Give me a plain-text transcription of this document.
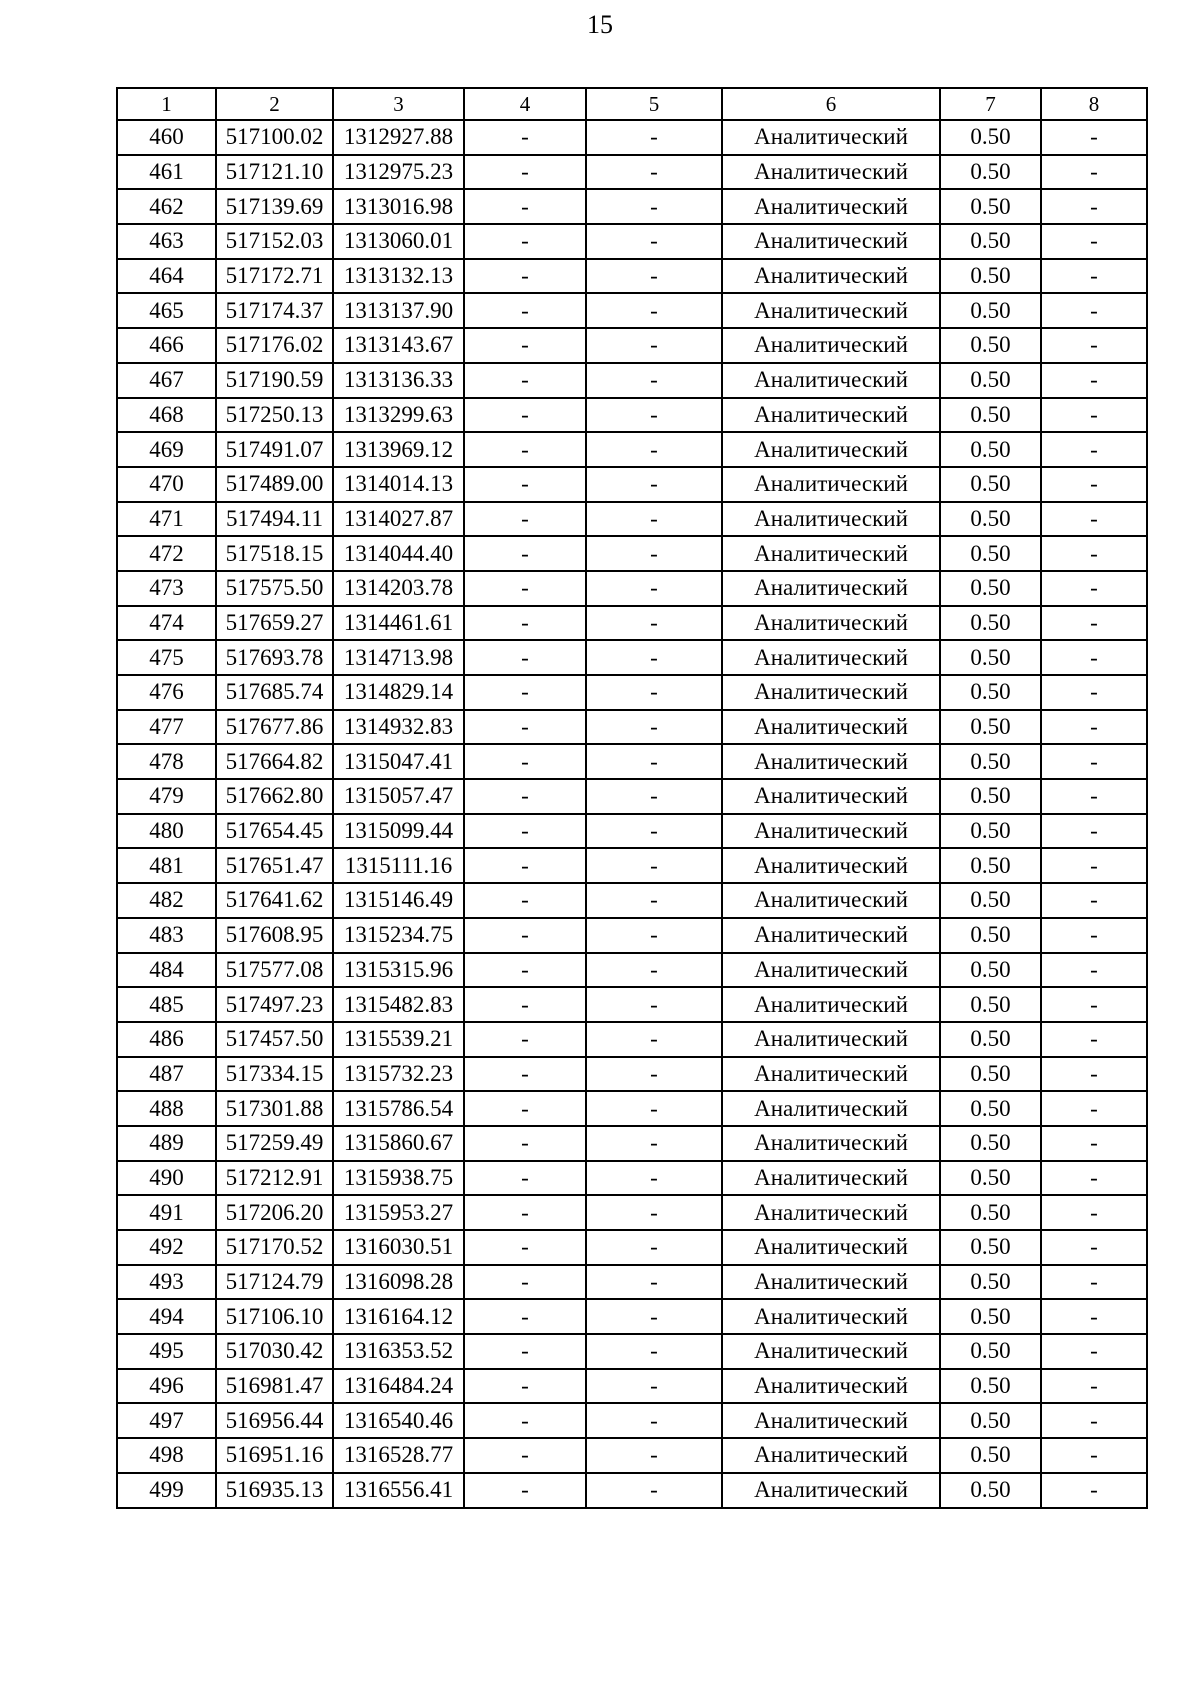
15
1	2	3	4	5	6	7	8
460	517100.02	1312927.88	-	-	Аналитический	0.50	-
461	517121.10	1312975.23	-	-	Аналитический	0.50	-
462	517139.69	1313016.98	-	-	Аналитический	0.50	-
463	517152.03	1313060.01	-	-	Аналитический	0.50	-
464	517172.71	1313132.13	-	-	Аналитический	0.50	-
465	517174.37	1313137.90	-	-	Аналитический	0.50	-
466	517176.02	1313143.67	-	-	Аналитический	0.50	-
467	517190.59	1313136.33	-	-	Аналитический	0.50	-
468	517250.13	1313299.63	-	-	Аналитический	0.50	-
469	517491.07	1313969.12	-	-	Аналитический	0.50	-
470	517489.00	1314014.13	-	-	Аналитический	0.50	-
471	517494.11	1314027.87	-	-	Аналитический	0.50	-
472	517518.15	1314044.40	-	-	Аналитический	0.50	-
473	517575.50	1314203.78	-	-	Аналитический	0.50	-
474	517659.27	1314461.61	-	-	Аналитический	0.50	-
475	517693.78	1314713.98	-	-	Аналитический	0.50	-
476	517685.74	1314829.14	-	-	Аналитический	0.50	-
477	517677.86	1314932.83	-	-	Аналитический	0.50	-
478	517664.82	1315047.41	-	-	Аналитический	0.50	-
479	517662.80	1315057.47	-	-	Аналитический	0.50	-
480	517654.45	1315099.44	-	-	Аналитический	0.50	-
481	517651.47	1315111.16	-	-	Аналитический	0.50	-
482	517641.62	1315146.49	-	-	Аналитический	0.50	-
483	517608.95	1315234.75	-	-	Аналитический	0.50	-
484	517577.08	1315315.96	-	-	Аналитический	0.50	-
485	517497.23	1315482.83	-	-	Аналитический	0.50	-
486	517457.50	1315539.21	-	-	Аналитический	0.50	-
487	517334.15	1315732.23	-	-	Аналитический	0.50	-
488	517301.88	1315786.54	-	-	Аналитический	0.50	-
489	517259.49	1315860.67	-	-	Аналитический	0.50	-
490	517212.91	1315938.75	-	-	Аналитический	0.50	-
491	517206.20	1315953.27	-	-	Аналитический	0.50	-
492	517170.52	1316030.51	-	-	Аналитический	0.50	-
493	517124.79	1316098.28	-	-	Аналитический	0.50	-
494	517106.10	1316164.12	-	-	Аналитический	0.50	-
495	517030.42	1316353.52	-	-	Аналитический	0.50	-
496	516981.47	1316484.24	-	-	Аналитический	0.50	-
497	516956.44	1316540.46	-	-	Аналитический	0.50	-
498	516951.16	1316528.77	-	-	Аналитический	0.50	-
499	516935.13	1316556.41	-	-	Аналитический	0.50	-
